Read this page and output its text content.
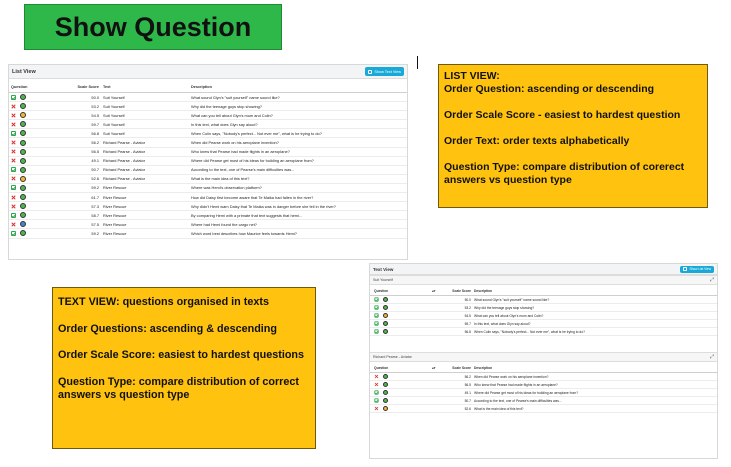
Show Question
List View	Show Text View
Question	Scale Score	Text	Description
50.0	Suit Yourself	What sound Glyn's "suit yourself" name sound like?
53.2	Suit Yourself	Why did the teenage guys stop showing?
54.5	Suit Yourself	What can you tell about Glyn's mum and Colin?
59.7	Suit Yourself	In this text, what does Glyn say aloud?
56.8	Suit Yourself	When Colin says, "Nobody's perfect... Not ever me", what is he trying to do?
56.2	Richard Pearse - Aviator	When did Pearse work on his aeroplane invention?
56.5	Richard Pearse - Aviator	Who knew that Pearse had made flights in an aeroplane?
49.1	Richard Pearse - Aviator	Where did Pearse get most of his ideas for building an aeroplane from?
50.7	Richard Pearse - Aviator	According to the text, one of Pearse's main difficulties was...
52.6	Richard Pearse - Aviator	What is the main idea of this text?
59.2	River Rescue	Where was Hemi's observation platform?
61.7	River Rescue	How did Daisy first become aware that Te Maika had fallen in the river?
57.3	River Rescue	Why didn't Hemi warn Daisy that Te Maika was in danger before she fell in the river?
58.7	River Rescue	By comparing Hemi with a primate that text suggests that hemi...
57.5	River Rescue	Where had Hemi found the cargo net?
59.2	River Rescue	Which word best describes how Maurice feels towards Hemi?

LIST VIEW:

Order Question: ascending or descending

Order Scale Score - easiest to hardest question

Order Text: order texts alphabetically

Question Type: compare distribution of corerect answers vs question type

TEXT VIEW: questions organised in texts

Order Questions: ascending & descending

Order Scale Score: easiest to hardest questions

Question Type: compare distribution of correct answers vs question type

Text View	Show List View
Suit Yourself	⤢
Question	▴▾	Scale Score Description
50.0 What sound Glyn's "suit yourself" name sound like?
53.2 Why did the teenage guys stop showing?
54.5 What can you tell about Glyn's mum and Colin?
59.7 In this text, what does Glyn say aloud?
56.8 When Colin says, "Nobody's perfect... Not ever me", what is he trying to do?
Richard Pearse - Aviator	⤢
Question	▴▾	Scale Score Description
56.2 When did Pearse work on his aeroplane invention?
56.5 Who knew that Pearse had made flights in an aeroplane?
49.1 Where did Pearse get most of his ideas for building an aeroplane from?
50.7 According to the text, one of Pearse's main difficulties was...
52.6 What is the main idea of this text?
